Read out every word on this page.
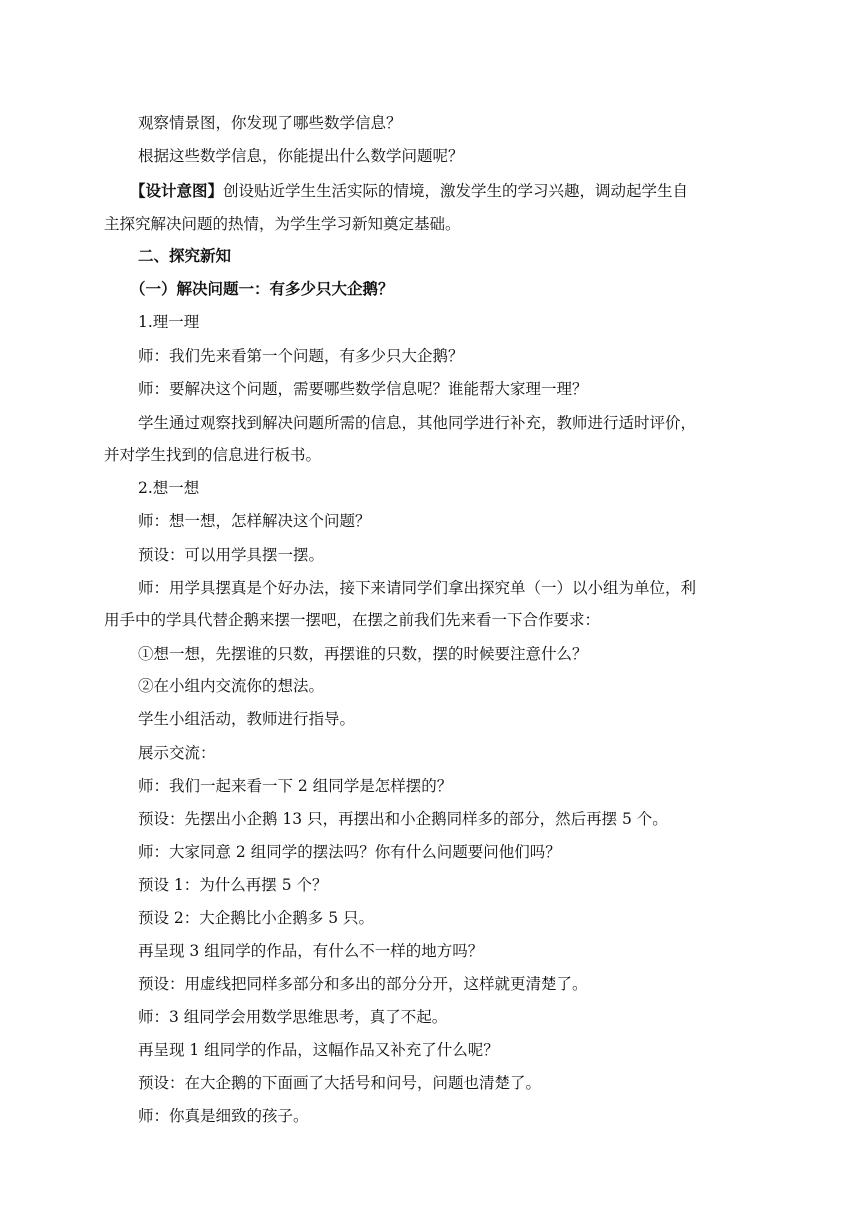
观察情景图，你发现了哪些数学信息？
根据这些数学信息，你能提出什么数学问题呢？
【设计意图】创设贴近学生生活实际的情境，激发学生的学习兴趣，调动起学生自
主探究解决问题的热情，为学生学习新知奠定基础。
二、探究新知
（一）解决问题一：有多少只大企鹅？
1.理一理
师：我们先来看第一个问题，有多少只大企鹅？
师：要解决这个问题，需要哪些数学信息呢？谁能帮大家理一理？
学生通过观察找到解决问题所需的信息，其他同学进行补充，教师进行适时评价，
并对学生找到的信息进行板书。
2.想一想
师：想一想，怎样解决这个问题？
预设：可以用学具摆一摆。
师：用学具摆真是个好办法，接下来请同学们拿出探究单（一）以小组为单位，利
用手中的学具代替企鹅来摆一摆吧，在摆之前我们先来看一下合作要求：
①想一想，先摆谁的只数，再摆谁的只数，摆的时候要注意什么？
②在小组内交流你的想法。
学生小组活动，教师进行指导。
展示交流：
师：我们一起来看一下 2 组同学是怎样摆的？
预设：先摆出小企鹅 13 只，再摆出和小企鹅同样多的部分，然后再摆 5 个。
师：大家同意 2 组同学的摆法吗？你有什么问题要问他们吗？
预设 1：为什么再摆 5 个？
预设 2：大企鹅比小企鹅多 5 只。
再呈现 3 组同学的作品，有什么不一样的地方吗？
预设：用虚线把同样多部分和多出的部分分开，这样就更清楚了。
师：3 组同学会用数学思维思考，真了不起。
再呈现 1 组同学的作品，这幅作品又补充了什么呢？
预设：在大企鹅的下面画了大括号和问号，问题也清楚了。
师：你真是细致的孩子。
